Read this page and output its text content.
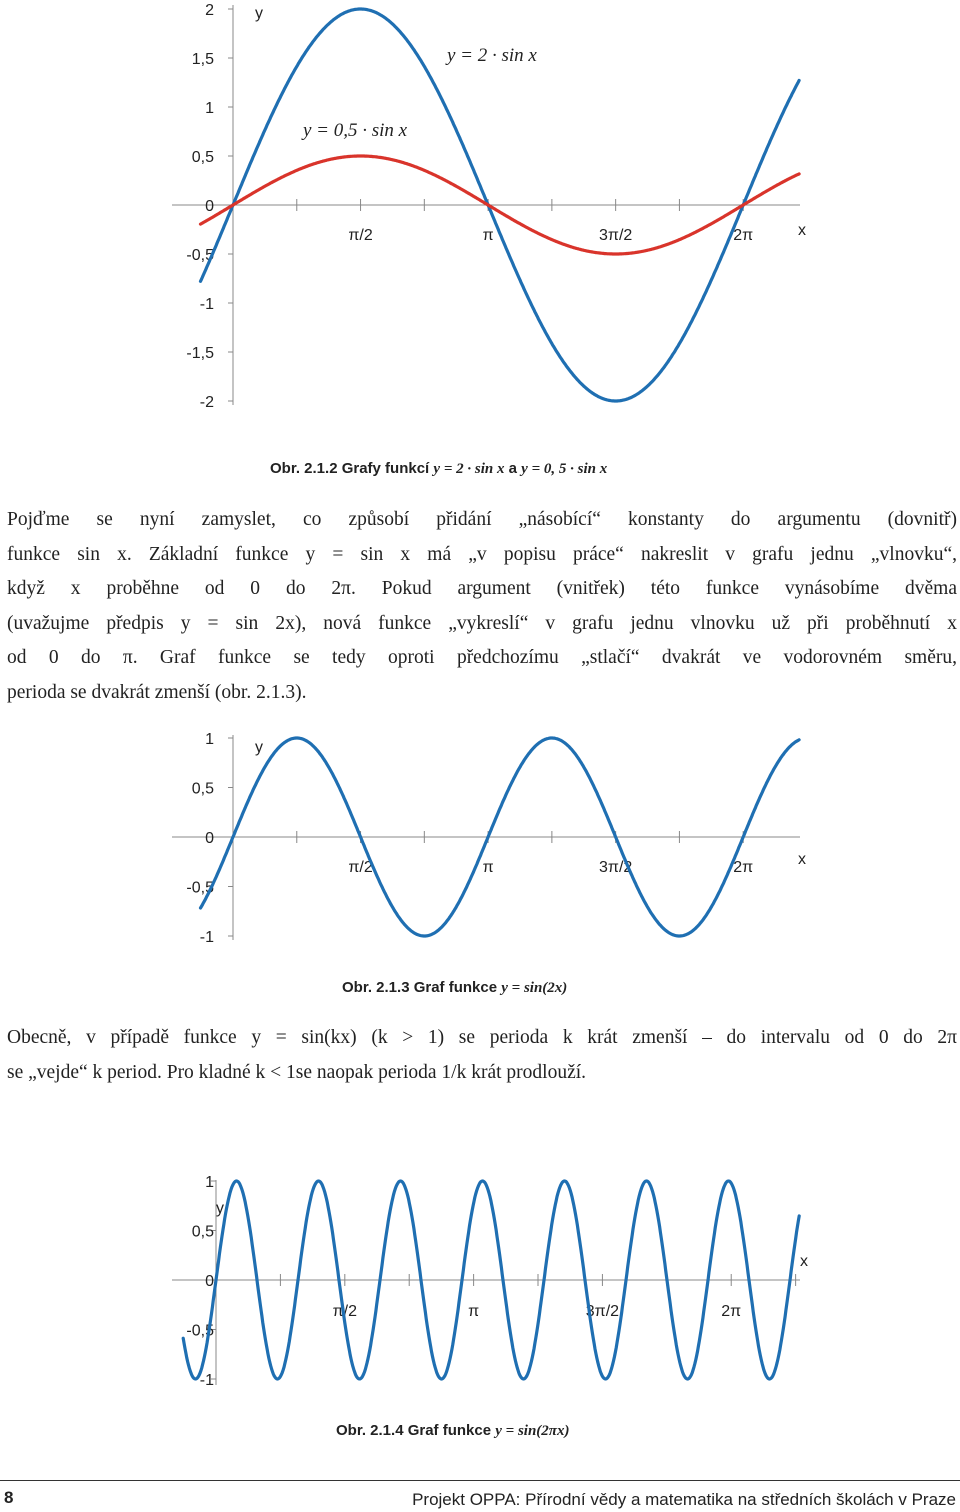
2
1,5
1
0,5
0
-0,5
-1
-1,5
-2
π/2	π	3π/2	2π
y
x
y = 2 · sin x
y = 0,5 · sin x
Obr. 2.1.2 Grafy funkcí y = 2 · sin x a y = 0, 5 · sin x
Pojďme se nyní zamyslet, co způsobí přidání „násobící“ konstanty do argumentu (dovnitř)
funkce sin x. Základní funkce y = sin x má „v popisu práce“ nakreslit v grafu jednu „vlnovku“,
když x proběhne od 0 do 2π. Pokud argument (vnitřek) této funkce vynásobíme dvěma
(uvažujme předpis y = sin 2x), nová funkce „vykreslí“ v grafu jednu vlnovku už při proběhnutí x
od 0 do π. Graf funkce se tedy oproti předchozímu „stlačí“ dvakrát ve vodorovném směru,
perioda se dvakrát zmenší (obr. 2.1.3).
1
0,5
0
-0,5
-1
π/2	π	3π/2	2π
y
x
Obr. 2.1.3 Graf funkce y = sin(2x)
Obecně, v případě funkce y = sin(kx) (k > 1) se perioda k krát zmenší – do intervalu od 0 do 2π
se „vejde“ k period. Pro kladné k < 1se naopak perioda 1/k krát prodlouží.
1
0,5
0
-0,5
-1
π/2	π	3π/2	2π
y
x
Obr. 2.1.4 Graf funkce y = sin(2πx)
8	Projekt OPPA: Přírodní vědy a matematika na středních školách v Praze
